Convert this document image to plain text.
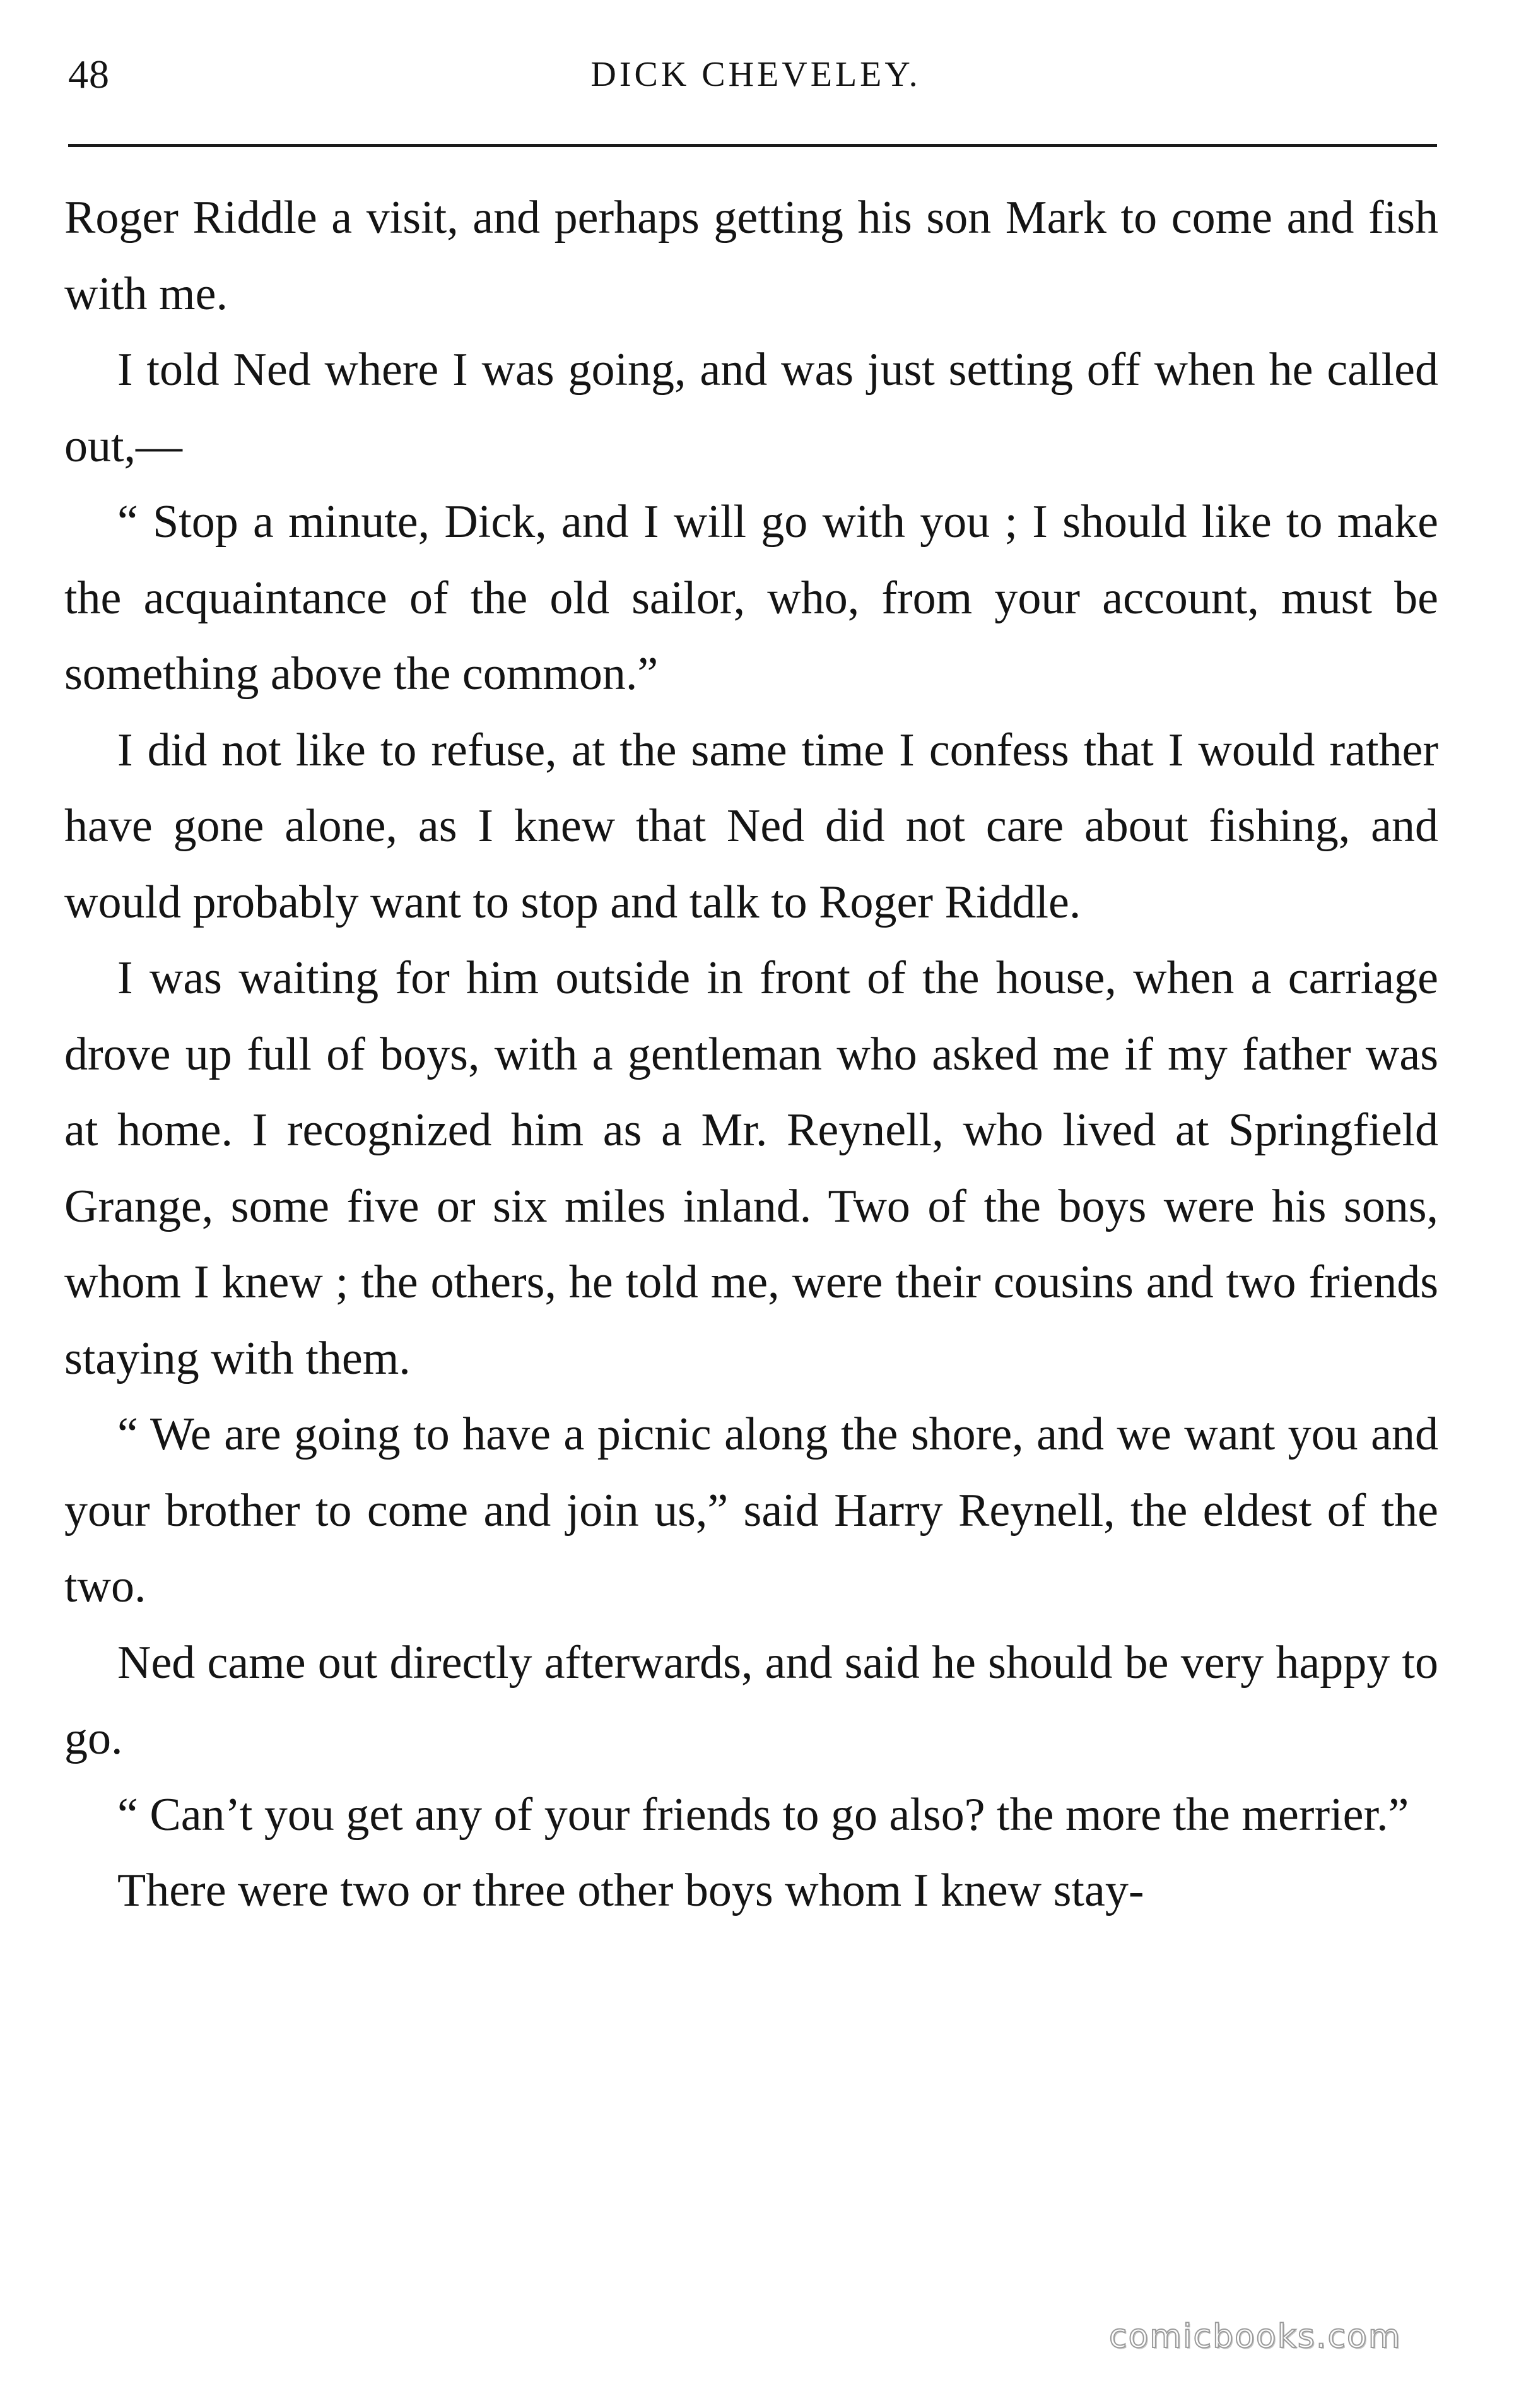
48	DICK CHEVELEY.

Roger Riddle a visit, and perhaps getting his son Mark to come and fish with me.

I told Ned where I was going, and was just setting off when he called out,—

“ Stop a minute, Dick, and I will go with you ; I should like to make the acquaintance of the old sailor, who, from your account, must be something above the common.”

I did not like to refuse, at the same time I confess that I would rather have gone alone, as I knew that Ned did not care about fishing, and would probably want to stop and talk to Roger Riddle.

I was waiting for him outside in front of the house, when a carriage drove up full of boys, with a gentleman who asked me if my father was at home. I recognized him as a Mr. Reynell, who lived at Springfield Grange, some five or six miles inland. Two of the boys were his sons, whom I knew ; the others, he told me, were their cousins and two friends staying with them.

“ We are going to have a picnic along the shore, and we want you and your brother to come and join us,” said Harry Reynell, the eldest of the two.

Ned came out directly afterwards, and said he should be very happy to go.

“ Can’t you get any of your friends to go also? the more the merrier.”

There were two or three other boys whom I knew stay-

comicbooks.com
